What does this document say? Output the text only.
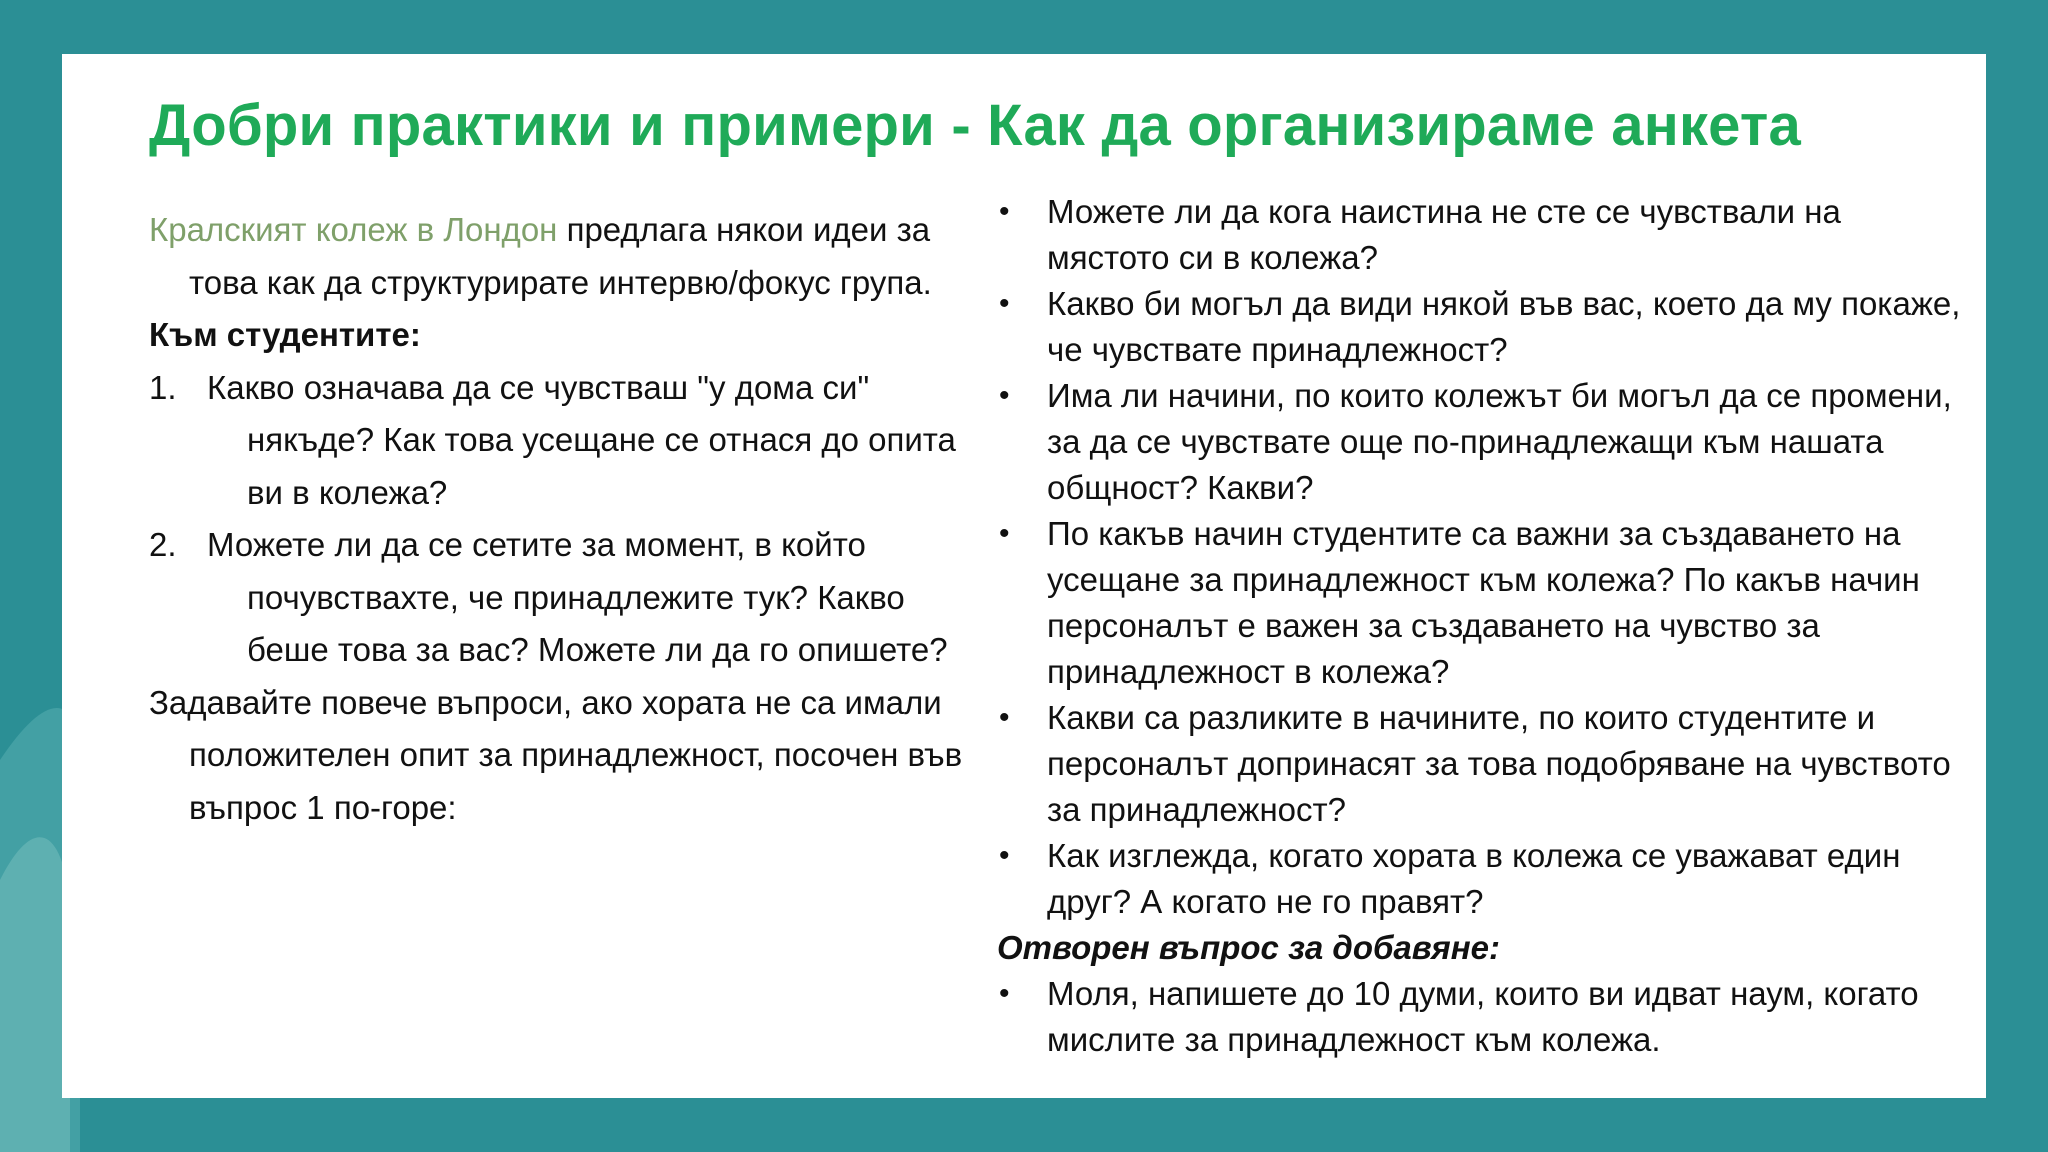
Добри практики и примери - Как да организираме анкета

Кралският колеж в Лондон предлага някои идеи за това как да структурирате интервю/фокус група.

Към студентите:

1. Какво означава да се чувстваш "у дома си" някъде? Как това усещане се отнася до опита ви в колежа?
2. Можете ли да се сетите за момент, в който почувствахте, че принадлежите тук? Какво беше това за вас? Можете ли да го опишете?

Задавайте повече въпроси, ако хората не са имали положителен опит за принадлежност, посочен във въпрос 1 по-горе:

•	Можете ли да кога наистина не сте се чувствали на мястото си в колежа?
•	Какво би могъл да види някой във вас, което да му покаже, че чувствате принадлежност?
•	Има ли начини, по които колежът би могъл да се промени, за да се чувствате още по-принадлежащи към нашата общност? Какви?
•	По какъв начин студентите са важни за създаването на усещане за принадлежност към колежа? По какъв начин персоналът е важен за създаването на чувство за принадлежност в колежа?
•	Какви са разликите в начините, по които студентите и персоналът допринасят за това подобряване на чувството за принадлежност?
•	Как изглежда, когато хората в колежа се уважават един друг? А когато не го правят?

Отворен въпрос за добавяне:

•	Моля, напишете до 10 думи, които ви идват наум, когато мислите за принадлежност към колежа.
